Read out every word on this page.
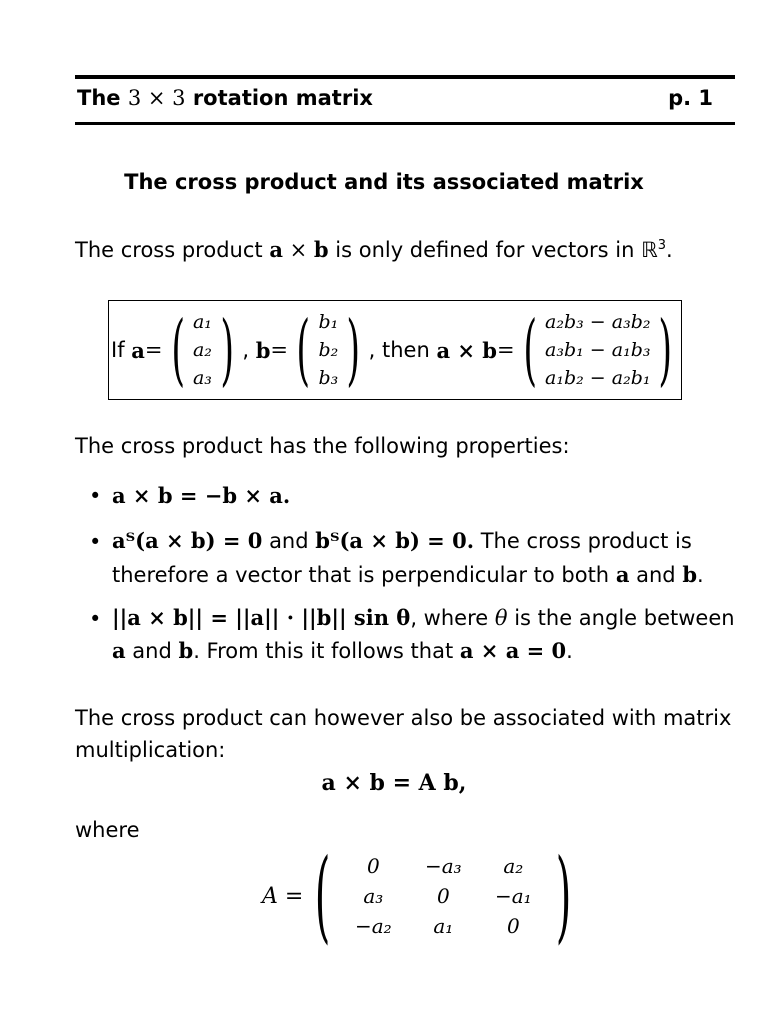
The 3 × 3 rotation matrix	p. 1
The cross product and its associated matrix
The cross product a × b is only defined for vectors in ℝ$^3$.
If
a = ( a₁
a₂
a₃ ) ,
b = ( b₁
b₂
b₃ ) , then
a × b = ( a₂b₃ − a₃b₂
a₃b₁ − a₁b₃
a₁b₂ − a₂b₁ )
The cross product has the following properties:
• a × b = −b × a.
• aᵀ(a × b) = 0 and bᵀ(a × b) = 0. The cross product is
therefore a vector that is perpendicular to both a and b.
• ||a × b|| = ||a|| · ||b|| sin θ, where θ is the angle between
a and b. From this it follows that a × a = 0.
The cross product can however also be associated with matrix
multiplication:
a × b = A b,
where
A = (	0	−a₃	a₂
a₃	0	−a₁
−a₂	a₁	0 )
